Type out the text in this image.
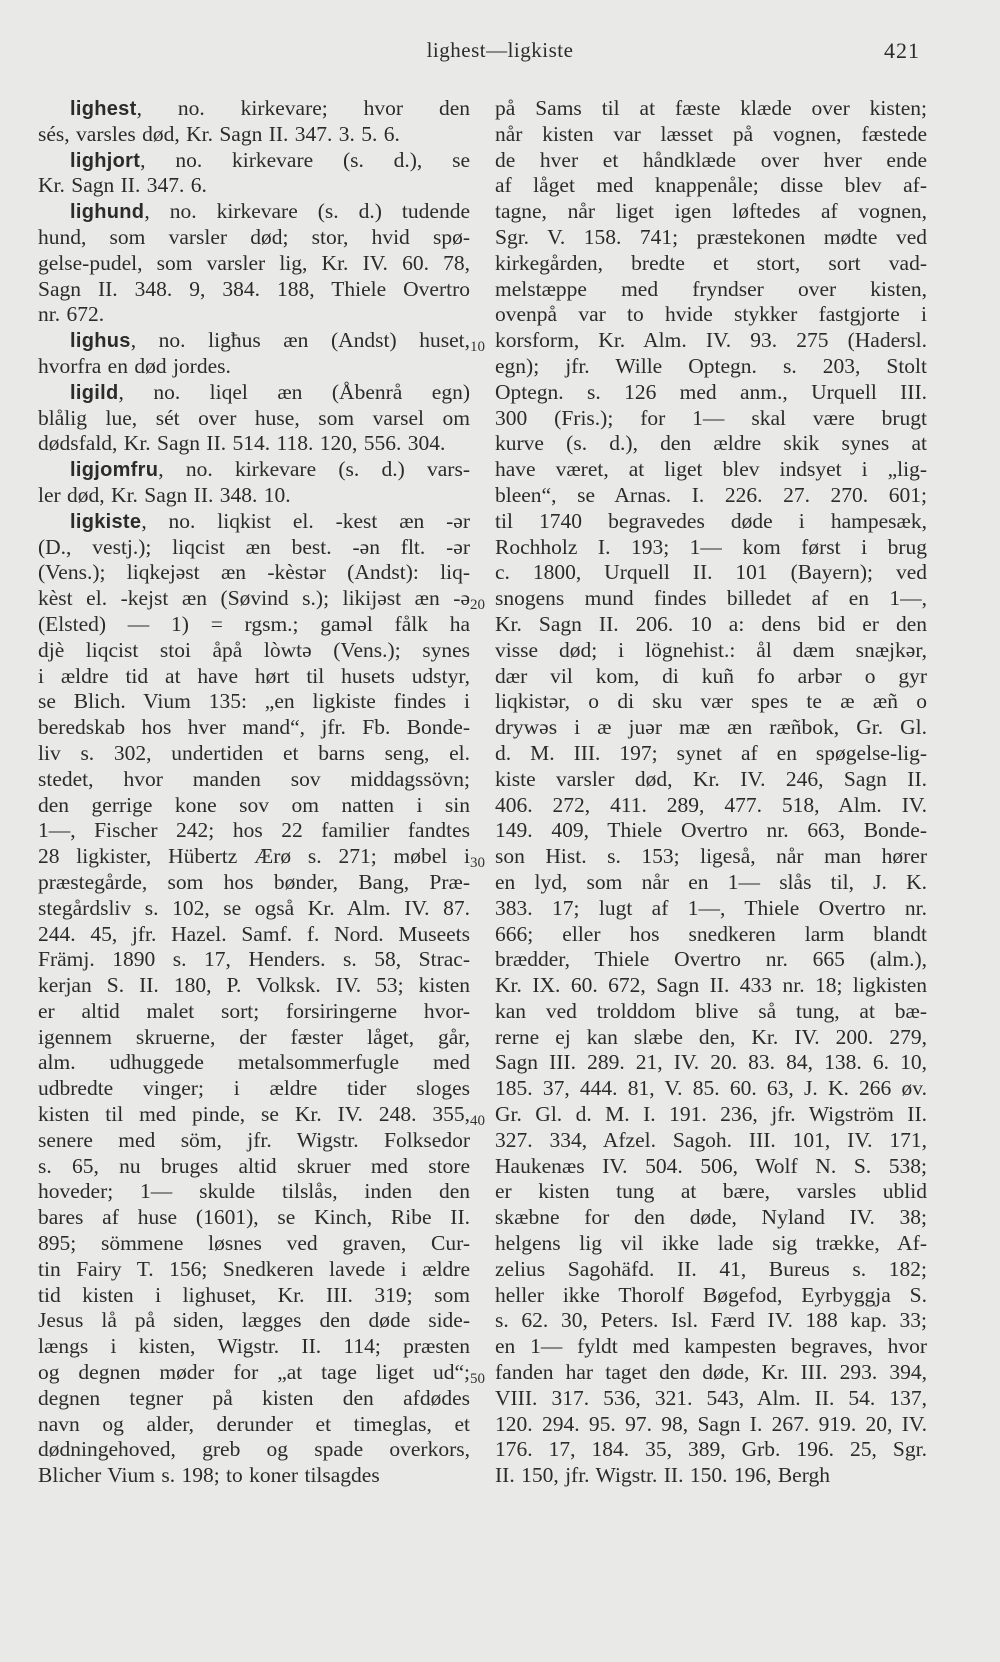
lighest—ligkiste	421
lighest, no. kirkevare; hvor den
sés, varsles død, Kr. Sagn II. 347. 3. 5. 6.
lighjort, no. kirkevare (s. d.), se
Kr. Sagn II. 347. 6.
lighund, no. kirkevare (s. d.) tudende
hund, som varsler død; stor, hvid spø-
gelse-pudel, som varsler lig, Kr. IV. 60. 78,
Sagn II. 348. 9, 384. 188, Thiele Overtro
nr. 672.
lighus, no. ligħus æn (Andst) huset,
hvorfra en død jordes.
ligild, no. liqel æn (Åbenrå egn)
blålig lue, sét over huse, som varsel om
dødsfald, Kr. Sagn II. 514. 118. 120, 556. 304.
ligjomfru, no. kirkevare (s. d.) vars-
ler død, Kr. Sagn II. 348. 10.
ligkiste, no. liqkist el. -kest æn -ər
(D., vestj.); liqcist æn best. -ən flt. -ər
(Vens.); liqkejəst æn -kèstər (Andst): liq-
kèst el. -kejst æn (Søvind s.); likijəst æn -ə
(Elsted) — 1) = rgsm.; gaməl fålk ha
djè liqcist stoi åpå lòwtə (Vens.); synes
i ældre tid at have hørt til husets udstyr,
se Blich. Vium 135: „en ligkiste findes i
beredskab hos hver mand“, jfr. Fb. Bonde-
liv s. 302, undertiden et barns seng, el.
stedet, hvor manden sov middagssövn;
den gerrige kone sov om natten i sin
1—, Fischer 242; hos 22 familier fandtes
28 ligkister, Hübertz Ærø s. 271; møbel i
præstegårde, som hos bønder, Bang, Præ-
stegårdsliv s. 102, se også Kr. Alm. IV. 87.
244. 45, jfr. Hazel. Samf. f. Nord. Museets
Främj. 1890 s. 17, Henders. s. 58, Strac-
kerjan S. II. 180, P. Volksk. IV. 53; kisten
er altid malet sort; forsiringerne hvor-
igennem skruerne, der fæster låget, går,
alm. udhuggede metalsommerfugle med
udbredte vinger; i ældre tider sloges
kisten til med pinde, se Kr. IV. 248. 355,
senere med söm, jfr. Wigstr. Folksedor
s. 65, nu bruges altid skruer med store
hoveder; 1— skulde tilslås, inden den
bares af huse (1601), se Kinch, Ribe II.
895; sömmene løsnes ved graven, Cur-
tin Fairy T. 156; Snedkeren lavede i ældre
tid kisten i lighuset, Kr. III. 319; som
Jesus lå på siden, lægges den døde side-
længs i kisten, Wigstr. II. 114; præsten
og degnen møder for „at tage liget ud“;
degnen tegner på kisten den afdødes
navn og alder, derunder et timeglas, et
dødningehoved, greb og spade overkors,
Blicher Vium s. 198; to koner tilsagdes
på Sams til at fæste klæde over kisten;
når kisten var læsset på vognen, fæstede
de hver et håndklæde over hver ende
af låget med knappenåle; disse blev af-
tagne, når liget igen løftedes af vognen,
Sgr. V. 158. 741; præstekonen mødte ved
kirkegården, bredte et stort, sort vad-
melstæppe med fryndser over kisten,
ovenpå var to hvide stykker fastgjorte i
korsform, Kr. Alm. IV. 93. 275 (Hadersl.
egn); jfr. Wille Optegn. s. 203, Stolt
Optegn. s. 126 med anm., Urquell III.
300 (Fris.); for 1— skal være brugt
kurve (s. d.), den ældre skik synes at
have været, at liget blev indsyet i „lig-
bleen“, se Arnas. I. 226. 27. 270. 601;
til 1740 begravedes døde i hampesæk,
Rochholz I. 193; 1— kom først i brug
c. 1800, Urquell II. 101 (Bayern); ved
snogens mund findes billedet af en 1—,
Kr. Sagn II. 206. 10 a: dens bid er den
visse død; i lögnehist.: ål dæm snæjkər,
dær vil kom, di kuñ fo arbər o gyr
liqkistər, o di sku vær spes te æ æñ o
drywəs i æ juər mæ æn ræñbok, Gr. Gl.
d. M. III. 197; synet af en spøgelse-lig-
kiste varsler død, Kr. IV. 246, Sagn II.
406. 272, 411. 289, 477. 518, Alm. IV.
149. 409, Thiele Overtro nr. 663, Bonde-
son Hist. s. 153; ligeså, når man hører
en lyd, som når en 1— slås til, J. K.
383. 17; lugt af 1—, Thiele Overtro nr.
666; eller hos snedkeren larm blandt
brædder, Thiele Overtro nr. 665 (alm.),
Kr. IX. 60. 672, Sagn II. 433 nr. 18; ligkisten
kan ved trolddom blive så tung, at bæ-
rerne ej kan slæbe den, Kr. IV. 200. 279,
Sagn III. 289. 21, IV. 20. 83. 84, 138. 6. 10,
185. 37, 444. 81, V. 85. 60. 63, J. K. 266 øv.
Gr. Gl. d. M. I. 191. 236, jfr. Wigström II.
327. 334, Afzel. Sagoh. III. 101, IV. 171,
Haukenæs IV. 504. 506, Wolf N. S. 538;
er kisten tung at bære, varsles ublid
skæbne for den døde, Nyland IV. 38;
helgens lig vil ikke lade sig trække, Af-
zelius Sagohäfd. II. 41, Bureus s. 182;
heller ikke Thorolf Bøgefod, Eyrbyggja S.
s. 62. 30, Peters. Isl. Færd IV. 188 kap. 33;
en 1— fyldt med kampesten begraves, hvor
fanden har taget den døde, Kr. III. 293. 394,
VIII. 317. 536, 321. 543, Alm. II. 54. 137,
120. 294. 95. 97. 98, Sagn I. 267. 919. 20, IV.
176. 17, 184. 35, 389, Grb. 196. 25, Sgr.
II. 150, jfr. Wigstr. II. 150. 196, Bergh
10
20
30
40
50
